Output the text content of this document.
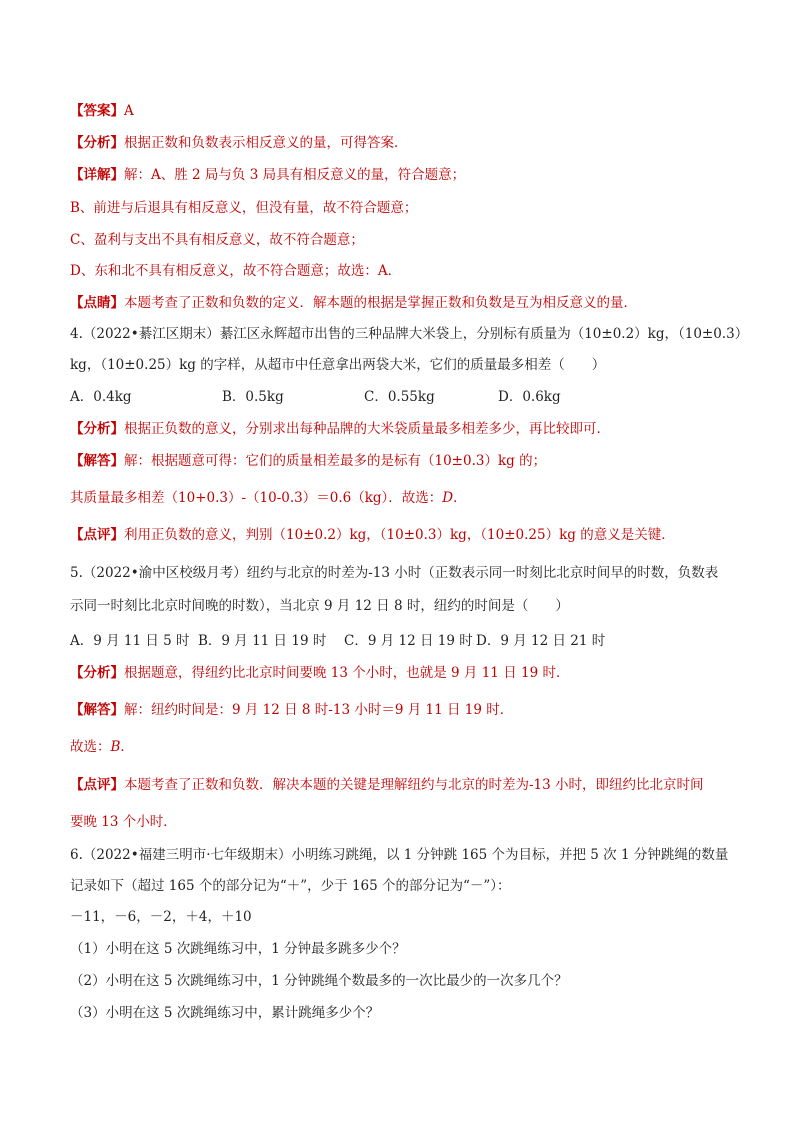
【答案】A
【分析】根据正数和负数表示相反意义的量，可得答案．
【详解】解：A、胜 2 局与负 3 局具有相反意义的量，符合题意；
B、前进与后退具有相反意义，但没有量，故不符合题意；
C、盈利与支出不具有相反意义，故不符合题意；
D、东和北不具有相反意义，故不符合题意；故选：A．
【点睛】本题考查了正数和负数的定义．解本题的根据是掌握正数和负数是互为相反意义的量．
4.（2022•綦江区期末）綦江区永辉超市出售的三种品牌大米袋上，分别标有质量为（10±0.2）kg，（10±0.3）
kg，（10±0.25）kg 的字样，从超市中任意拿出两袋大米，它们的质量最多相差（　　）
A．0.4kg	B．0.5kg	C．0.55kg	D．0.6kg
【分析】根据正负数的意义，分别求出每种品牌的大米袋质量最多相差多少，再比较即可．
【解答】解：根据题意可得：它们的质量相差最多的是标有（10±0.3）kg 的；
其质量最多相差（10+0.3）-（10-0.3）＝0.6（kg）．故选：D．
【点评】利用正负数的意义，判别（10±0.2）kg，（10±0.3）kg，（10±0.25）kg 的意义是关键．
5.（2022•渝中区校级月考）纽约与北京的时差为-13 小时（正数表示同一时刻比北京时间早的时数，负数表
示同一时刻比北京时间晚的时数），当北京 9 月 12 日 8 时，纽约的时间是（　　）
A．9 月 11 日 5 时 B．9 月 11 日 19 时 C．9 月 12 日 19 时 D．9 月 12 日 21 时
【分析】根据题意，得纽约比北京时间要晚 13 个小时，也就是 9 月 11 日 19 时．
【解答】解：纽约时间是：9 月 12 日 8 时-13 小时＝9 月 11 日 19 时．
故选：B．
【点评】本题考查了正数和负数．解决本题的关键是理解纽约与北京的时差为-13 小时，即纽约比北京时间
要晚 13 个小时．
6.（2022•福建三明市·七年级期末）小明练习跳绳，以 1 分钟跳 165 个为目标，并把 5 次 1 分钟跳绳的数量
记录如下（超过 165 个的部分记为“＋”，少于 165 个的部分记为“－”）：
－11，－6，－2，＋4，＋10
（1）小明在这 5 次跳绳练习中，1 分钟最多跳多少个？
（2）小明在这 5 次跳绳练习中，1 分钟跳绳个数最多的一次比最少的一次多几个？
（3）小明在这 5 次跳绳练习中，累计跳绳多少个？
